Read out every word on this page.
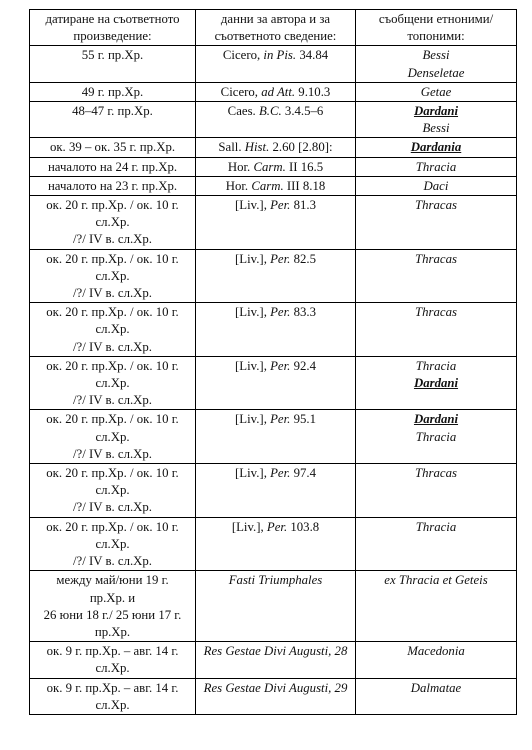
датиране на съответното произведение:	данни за автора и за съответното сведение:	съобщени етноними/ топоними:

55 г. пр.Хр.	Cicero, in Pis. 34.84	Bessi
Denseletae

49 г. пр.Хр.	Cicero, ad Att. 9.10.3	Getae

48–47 г. пр.Хр.	Caes. B.C. 3.4.5–6	Dardani
Bessi

ок. 39 – ок. 35 г. пр.Хр.	Sall. Hist. 2.60 [2.80]:	Dardania

началото на 24 г. пр.Хр.	Hor. Carm. II 16.5	Thracia

началото на 23 г. пр.Хр.	Hor. Carm. III 8.18	Daci

ок. 20 г. пр.Хр. / ок. 10 г.
сл.Хр.
/?/ IV в. сл.Хр.	[Liv.], Per. 81.3	Thracas

ок. 20 г. пр.Хр. / ок. 10 г.
сл.Хр.
/?/ IV в. сл.Хр.	[Liv.], Per. 82.5	Thracas

ок. 20 г. пр.Хр. / ок. 10 г.
сл.Хр.
/?/ IV в. сл.Хр.	[Liv.], Per. 83.3	Thracas

ок. 20 г. пр.Хр. / ок. 10 г.
сл.Хр.
/?/ IV в. сл.Хр.	[Liv.], Per. 92.4	Thracia
Dardani

ок. 20 г. пр.Хр. / ок. 10 г.
сл.Хр.
/?/ IV в. сл.Хр.	[Liv.], Per. 95.1	Dardani
Thracia

ок. 20 г. пр.Хр. / ок. 10 г.
сл.Хр.
/?/ IV в. сл.Хр.	[Liv.], Per. 97.4	Thracas

ок. 20 г. пр.Хр. / ок. 10 г.
сл.Хр.
/?/ IV в. сл.Хр.	[Liv.], Per. 103.8	Thracia

между май/юни 19 г.
пр.Хр. и
26 юни 18 г./ 25 юни 17 г.
пр.Хр.	Fasti Triumphales	ex Thracia et Geteis

ок. 9 г. пр.Хр. – авг. 14 г.
сл.Хр.	Res Gestae Divi Augusti, 28	Macedonia

ок. 9 г. пр.Хр. – авг. 14 г.
сл.Хр.	Res Gestae Divi Augusti, 29	Dalmatae
